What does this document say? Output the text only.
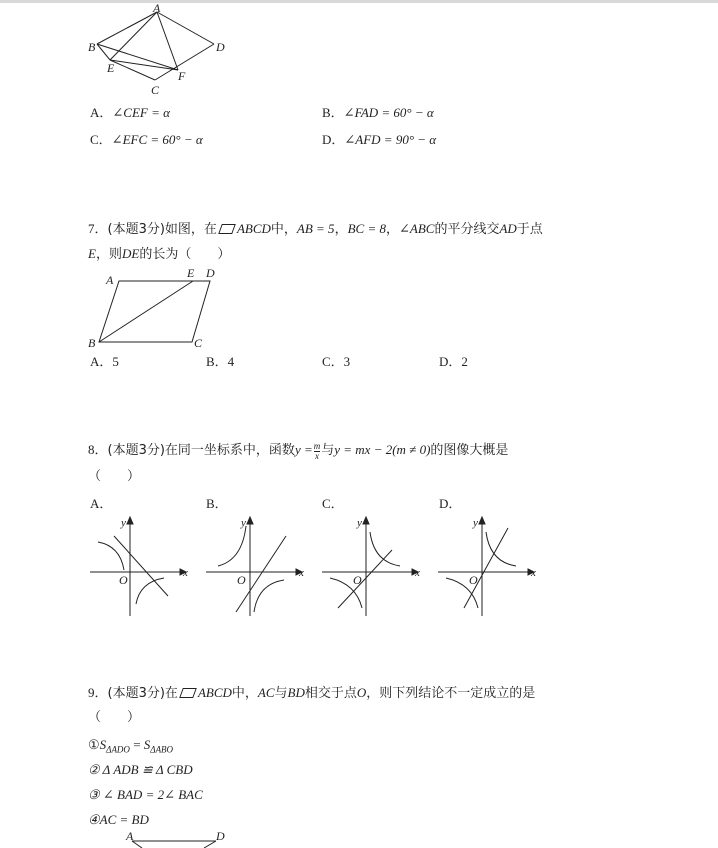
A
B	D
E
F
C
A．∠CEF = α	B．∠FAD = 60° − α
C．∠EFC = 60° − α	D．∠AFD = 90° − α
7．(本题3分)如图，在 ABCD中，AB = 5，BC = 8，∠ABC的平分线交AD于点
E，则DE的长为（　　）
A	E D
B	C
A．5	B．4	C．3	D．2
8．(本题3分)在同一坐标系中，函数$y = \frac{m}{x}$ 与y = mx − 2(m ≠ 0)的图像大概是
（　　）
A．	B．	C．	D．
y
x
O
y
x
O
y
x
O
y
x
O
9．(本题3分)在 ABCD中，AC与BD相交于点O，则下列结论不一定成立的是
（　　）
$①S_{\Delta ADO} = S_{\Delta ABO}$
② Δ ADB ≌ Δ CBD
③ ∠ BAD = 2∠ BAC
④AC = BD
A	D
